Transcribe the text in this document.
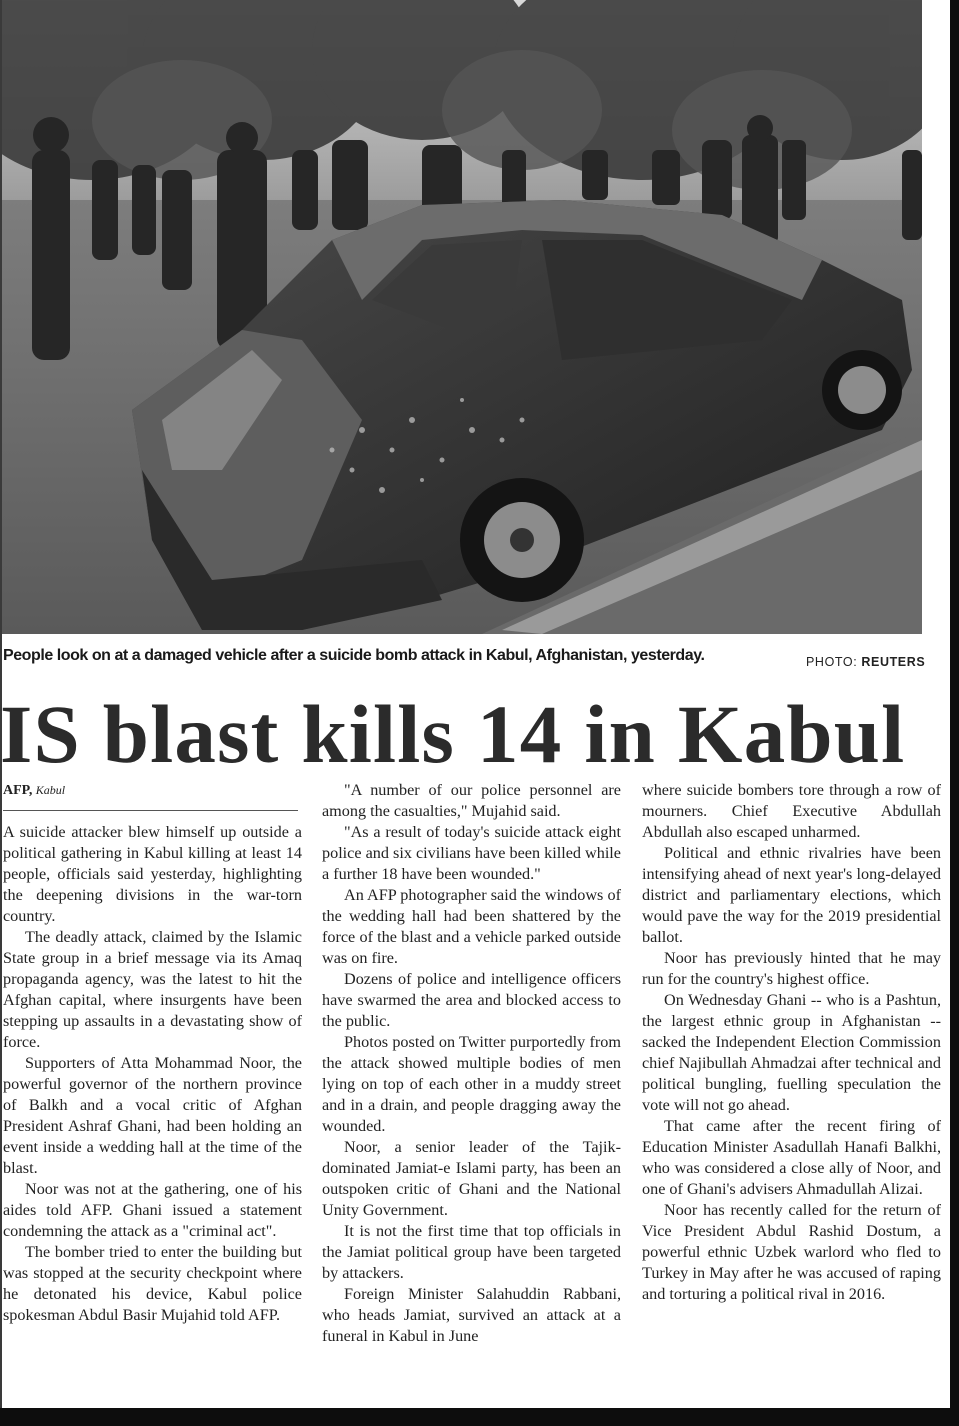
People look on at a damaged vehicle after a suicide bomb attack in Kabul, Afghanistan, yesterday.	PHOTO: REUTERS
IS blast kills 14 in Kabul
AFP, Kabul

A suicide attacker blew himself up outside a political gathering in Kabul killing at least 14 people, officials said yesterday, highlighting the deepening divisions in the war-torn country.

The deadly attack, claimed by the Islamic State group in a brief message via its Amaq propaganda agency, was the latest to hit the Afghan capital, where insurgents have been stepping up assaults in a devastating show of force.

Supporters of Atta Mohammad Noor, the powerful governor of the northern province of Balkh and a vocal critic of Afghan President Ashraf Ghani, had been holding an event inside a wedding hall at the time of the blast.

Noor was not at the gathering, one of his aides told AFP. Ghani issued a statement condemning the attack as a "criminal act".

The bomber tried to enter the building but was stopped at the security checkpoint where he detonated his device, Kabul police spokesman Abdul Basir Mujahid told AFP.

"A number of our police personnel are among the casualties," Mujahid said.

"As a result of today's suicide attack eight police and six civilians have been killed while a further 18 have been wounded."

An AFP photographer said the windows of the wedding hall had been shattered by the force of the blast and a vehicle parked outside was on fire.

Dozens of police and intelligence officers have swarmed the area and blocked access to the public.

Photos posted on Twitter purportedly from the attack showed multiple bodies of men lying on top of each other in a muddy street and in a drain, and people dragging away the wounded.

Noor, a senior leader of the Tajik-dominated Jamiat-e Islami party, has been an outspoken critic of Ghani and the National Unity Government.

It is not the first time that top officials in the Jamiat political group have been targeted by attackers.

Foreign Minister Salahuddin Rabbani, who heads Jamiat, survived an attack at a funeral in Kabul in June

where suicide bombers tore through a row of mourners. Chief Executive Abdullah Abdullah also escaped unharmed.

Political and ethnic rivalries have been intensifying ahead of next year's long-delayed district and parliamentary elections, which would pave the way for the 2019 presidential ballot.

Noor has previously hinted that he may run for the country's highest office.

On Wednesday Ghani -- who is a Pashtun, the largest ethnic group in Afghanistan -- sacked the Independent Election Commission chief Najibullah Ahmadzai after technical and political bungling, fuelling speculation the vote will not go ahead.

That came after the recent firing of Education Minister Asadullah Hanafi Balkhi, who was considered a close ally of Noor, and one of Ghani's advisers Ahmadullah Alizai.

Noor has recently called for the return of Vice President Abdul Rashid Dostum, a powerful ethnic Uzbek warlord who fled to Turkey in May after he was accused of raping and torturing a political rival in 2016.
